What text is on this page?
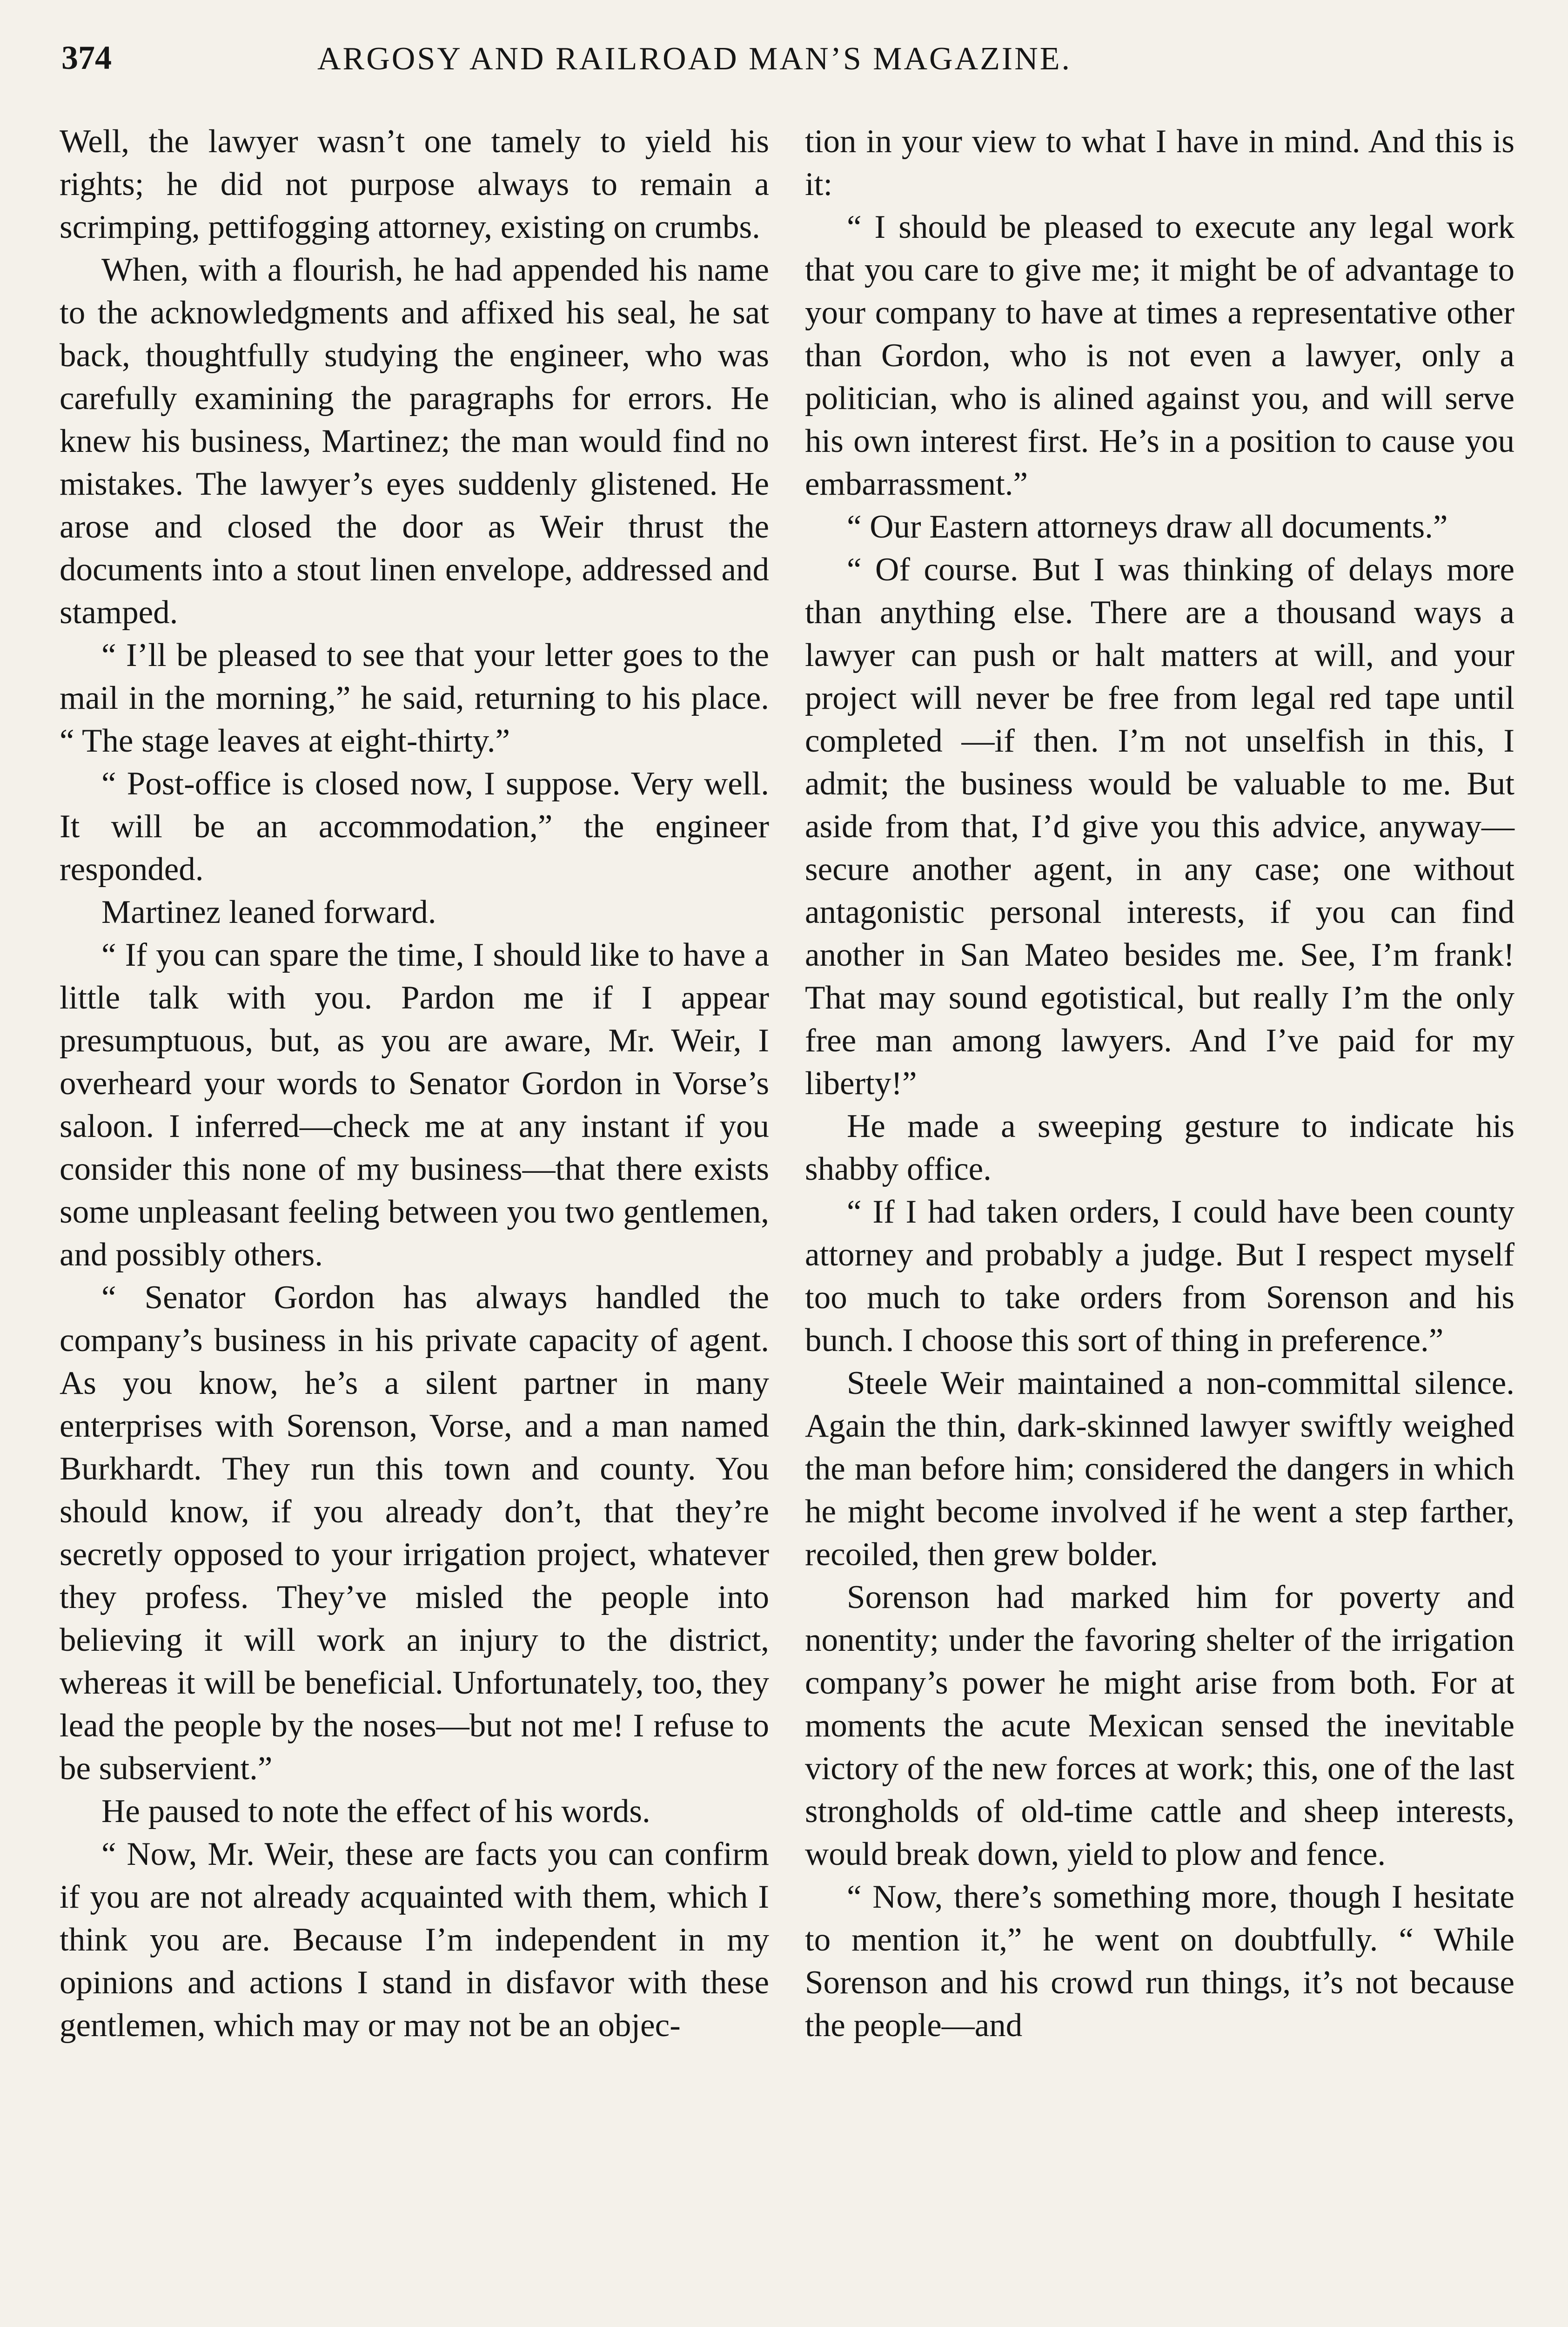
374	ARGOSY AND RAILROAD MAN’S MAGAZINE.

Well, the lawyer wasn’t one tamely to yield his rights; he did not purpose always to remain a scrimping, pettifogging attorney, existing on crumbs.

When, with a flourish, he had appended his name to the acknowledgments and affixed his seal, he sat back, thoughtfully studying the engineer, who was carefully examining the paragraphs for errors. He knew his business, Martinez; the man would find no mistakes. The lawyer’s eyes suddenly glistened. He arose and closed the door as Weir thrust the documents into a stout linen envelope, addressed and stamped.

“ I’ll be pleased to see that your letter goes to the mail in the morning,” he said, returning to his place. “ The stage leaves at eight-thirty.”

“ Post-office is closed now, I suppose. Very well. It will be an accommodation,” the engineer responded.

Martinez leaned forward.

“ If you can spare the time, I should like to have a little talk with you. Pardon me if I appear presumptuous, but, as you are aware, Mr. Weir, I overheard your words to Senator Gordon in Vorse’s saloon. I inferred—check me at any instant if you consider this none of my business—that there exists some unpleasant feeling between you two gentlemen, and possibly others.

“ Senator Gordon has always handled the company’s business in his private capacity of agent. As you know, he’s a silent partner in many enterprises with Sorenson, Vorse, and a man named Burkhardt. They run this town and county. You should know, if you already don’t, that they’re secretly opposed to your irrigation project, whatever they profess. They’ve misled the people into believing it will work an injury to the district, whereas it will be beneficial. Unfortunately, too, they lead the people by the noses—but not me! I refuse to be subservient.”

He paused to note the effect of his words.

“ Now, Mr. Weir, these are facts you can confirm if you are not already acquainted with them, which I think you are. Because I’m independent in my opinions and actions I stand in disfavor with these gentlemen, which may or may not be an objec-

tion in your view to what I have in mind. And this is it:

“ I should be pleased to execute any legal work that you care to give me; it might be of advantage to your company to have at times a representative other than Gordon, who is not even a lawyer, only a politician, who is alined against you, and will serve his own interest first. He’s in a position to cause you embarrassment.”

“ Our Eastern attorneys draw all documents.”

“ Of course. But I was thinking of delays more than anything else. There are a thousand ways a lawyer can push or halt matters at will, and your project will never be free from legal red tape until completed —if then. I’m not unselfish in this, I admit; the business would be valuable to me. But aside from that, I’d give you this advice, anyway—secure another agent, in any case; one without antagonistic personal interests, if you can find another in San Mateo besides me. See, I’m frank! That may sound egotistical, but really I’m the only free man among lawyers. And I’ve paid for my liberty!”

He made a sweeping gesture to indicate his shabby office.

“ If I had taken orders, I could have been county attorney and probably a judge. But I respect myself too much to take orders from Sorenson and his bunch. I choose this sort of thing in preference.”

Steele Weir maintained a non-committal silence. Again the thin, dark-skinned lawyer swiftly weighed the man before him; considered the dangers in which he might become involved if he went a step farther, recoiled, then grew bolder.

Sorenson had marked him for poverty and nonentity; under the favoring shelter of the irrigation company’s power he might arise from both. For at moments the acute Mexican sensed the inevitable victory of the new forces at work; this, one of the last strongholds of old-time cattle and sheep interests, would break down, yield to plow and fence.

“ Now, there’s something more, though I hesitate to mention it,” he went on doubtfully. “ While Sorenson and his crowd run things, it’s not because the people—and
